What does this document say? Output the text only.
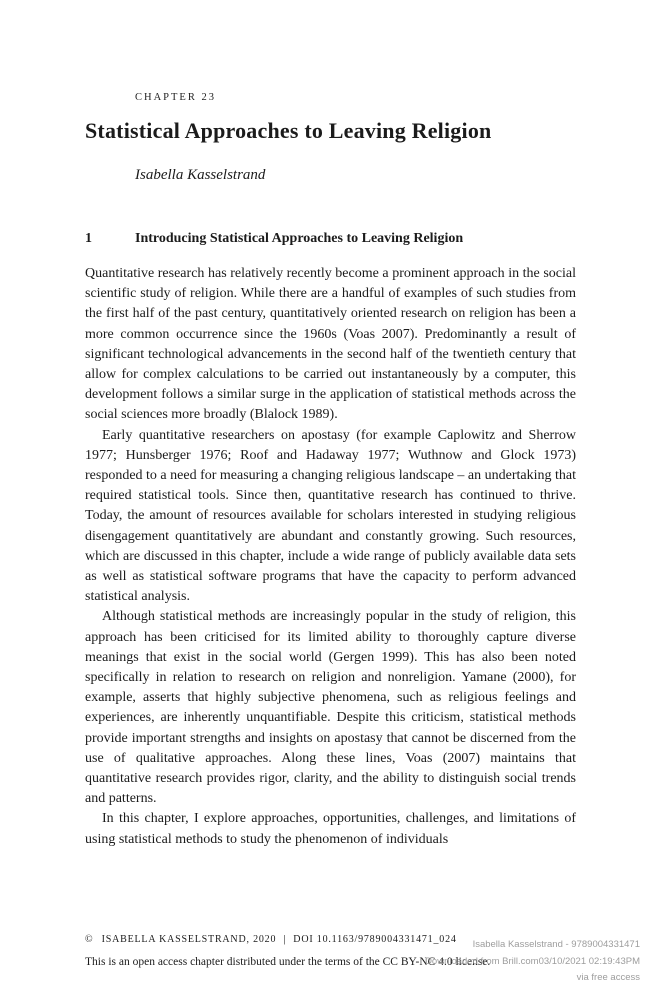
CHAPTER 23
Statistical Approaches to Leaving Religion
Isabella Kasselstrand
1	Introducing Statistical Approaches to Leaving Religion

Quantitative research has relatively recently become a prominent approach in the social scientific study of religion. While there are a handful of examples of such studies from the first half of the past century, quantitatively oriented research on religion has been a more common occurrence since the 1960s (Voas 2007). Predominantly a result of significant technological advancements in the second half of the twentieth century that allow for complex calculations to be carried out instantaneously by a computer, this development follows a similar surge in the application of statistical methods across the social sciences more broadly (Blalock 1989).

Early quantitative researchers on apostasy (for example Caplowitz and Sherrow 1977; Hunsberger 1976; Roof and Hadaway 1977; Wuthnow and Glock 1973) responded to a need for measuring a changing religious landscape – an undertaking that required statistical tools. Since then, quantitative research has continued to thrive. Today, the amount of resources available for scholars interested in studying religious disengagement quantitatively are abundant and constantly growing. Such resources, which are discussed in this chapter, include a wide range of publicly available data sets as well as statistical software programs that have the capacity to perform advanced statistical analysis.

Although statistical methods are increasingly popular in the study of religion, this approach has been criticised for its limited ability to thoroughly capture diverse meanings that exist in the social world (Gergen 1999). This has also been noted specifically in relation to research on religion and nonreligion. Yamane (2000), for example, asserts that highly subjective phenomena, such as religious feelings and experiences, are inherently unquantifiable. Despite this criticism, statistical methods provide important strengths and insights on apostasy that cannot be discerned from the use of qualitative approaches. Along these lines, Voas (2007) maintains that quantitative research provides rigor, clarity, and the ability to distinguish social trends and patterns.

In this chapter, I explore approaches, opportunities, challenges, and limitations of using statistical methods to study the phenomenon of individuals

© ISABELLA KASSELSTRAND, 2020 | DOI 10.1163/9789004331471_024
This is an open access chapter distributed under the terms of the CC BY-NC 4.0 license.
Isabella Kasselstrand - 9789004331471
Downloaded from Brill.com03/10/2021 02:19:43PM
via free access
